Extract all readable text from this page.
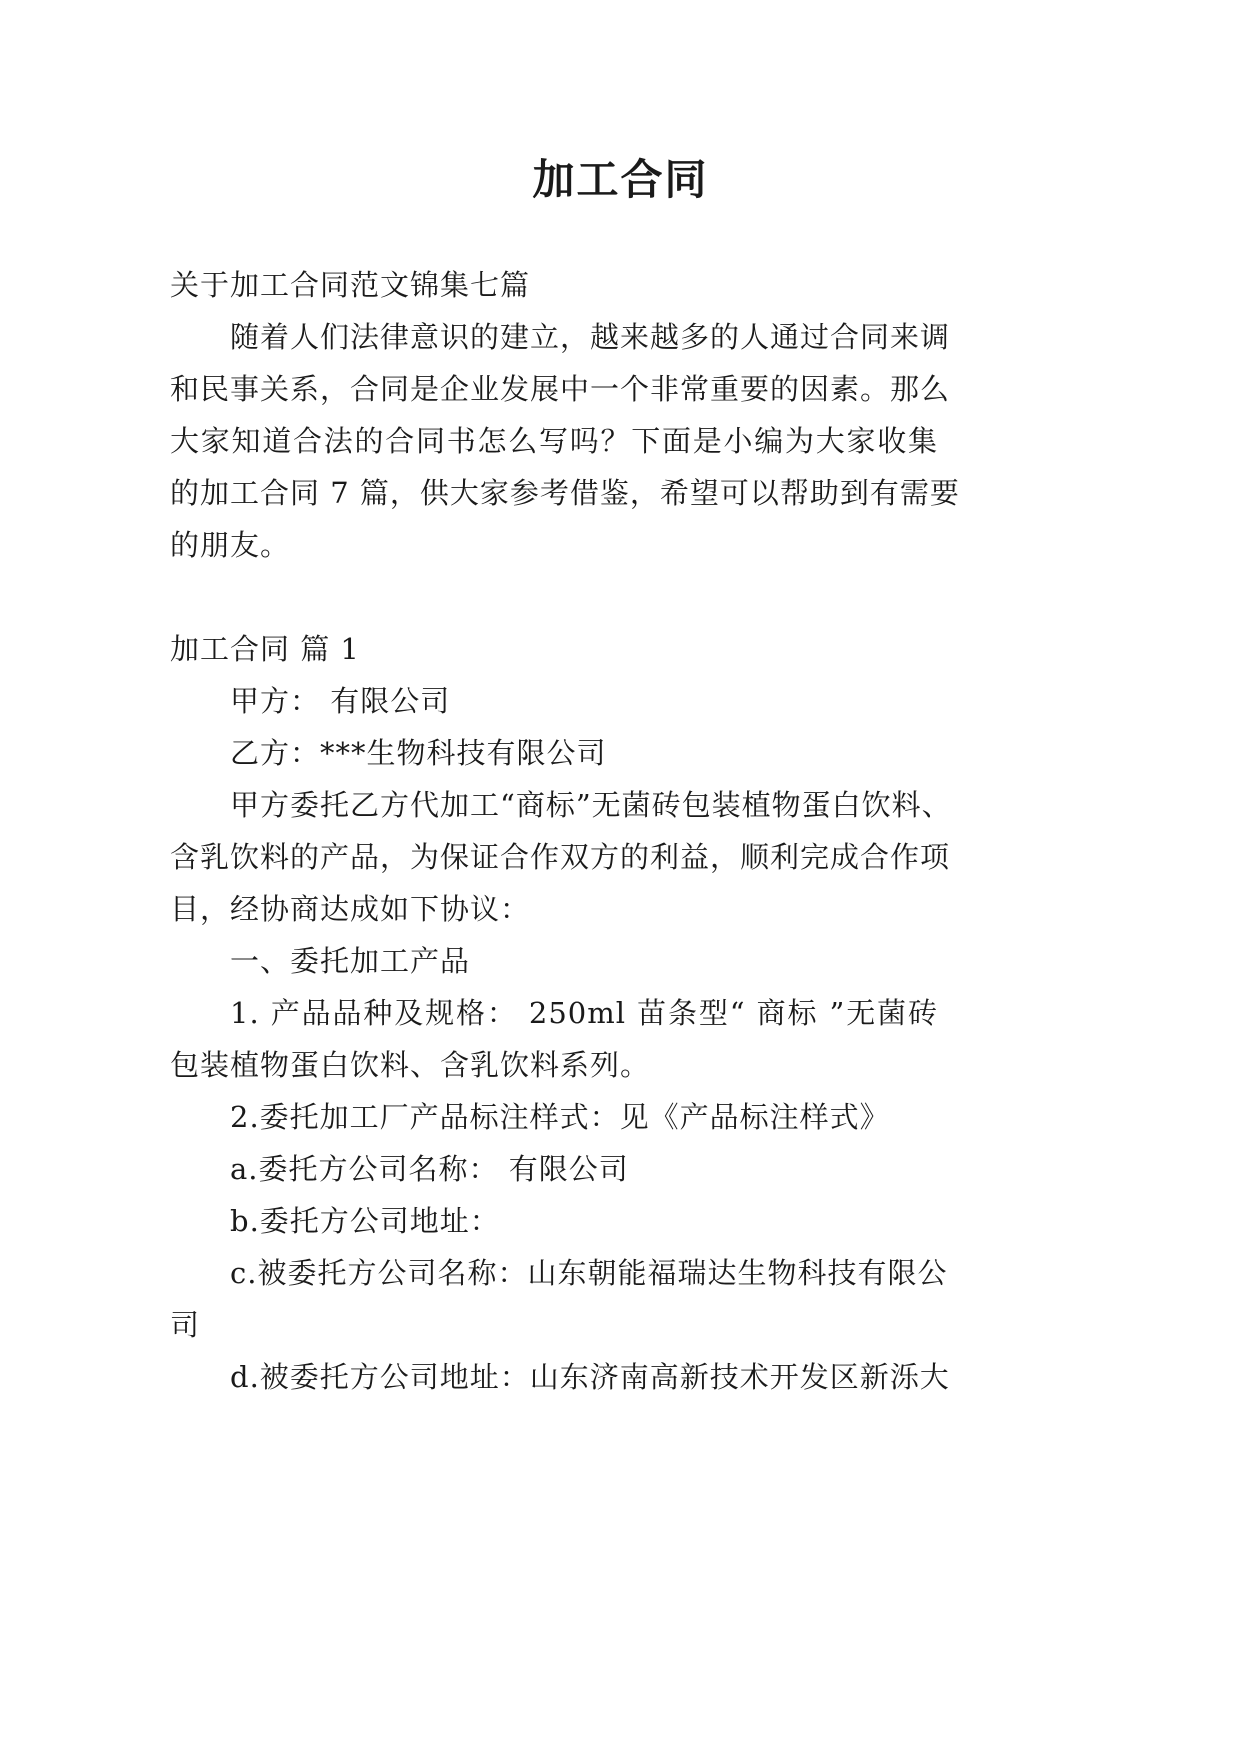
加工合同
关于加工合同范文锦集七篇
随着人们法律意识的建立，越来越多的人通过合同来调
和民事关系，合同是企业发展中一个非常重要的因素。那么
大家知道合法的合同书怎么写吗？下面是小编为大家收集
的加工合同 7 篇，供大家参考借鉴，希望可以帮助到有需要
的朋友。
加工合同 篇 1
甲方： 有限公司
乙方：***生物科技有限公司
甲方委托乙方代加工“商标”无菌砖包装植物蛋白饮料、
含乳饮料的产品，为保证合作双方的利益，顺利完成合作项
目，经协商达成如下协议：
一、委托加工产品
1. 产品品种及规格： 250ml 苗条型“ 商标 ”无菌砖
包装植物蛋白饮料、含乳饮料系列。
2.委托加工厂产品标注样式：见《产品标注样式》
a.委托方公司名称： 有限公司
b.委托方公司地址：
c.被委托方公司名称：山东朝能福瑞达生物科技有限公
司
d.被委托方公司地址：山东济南高新技术开发区新泺大
